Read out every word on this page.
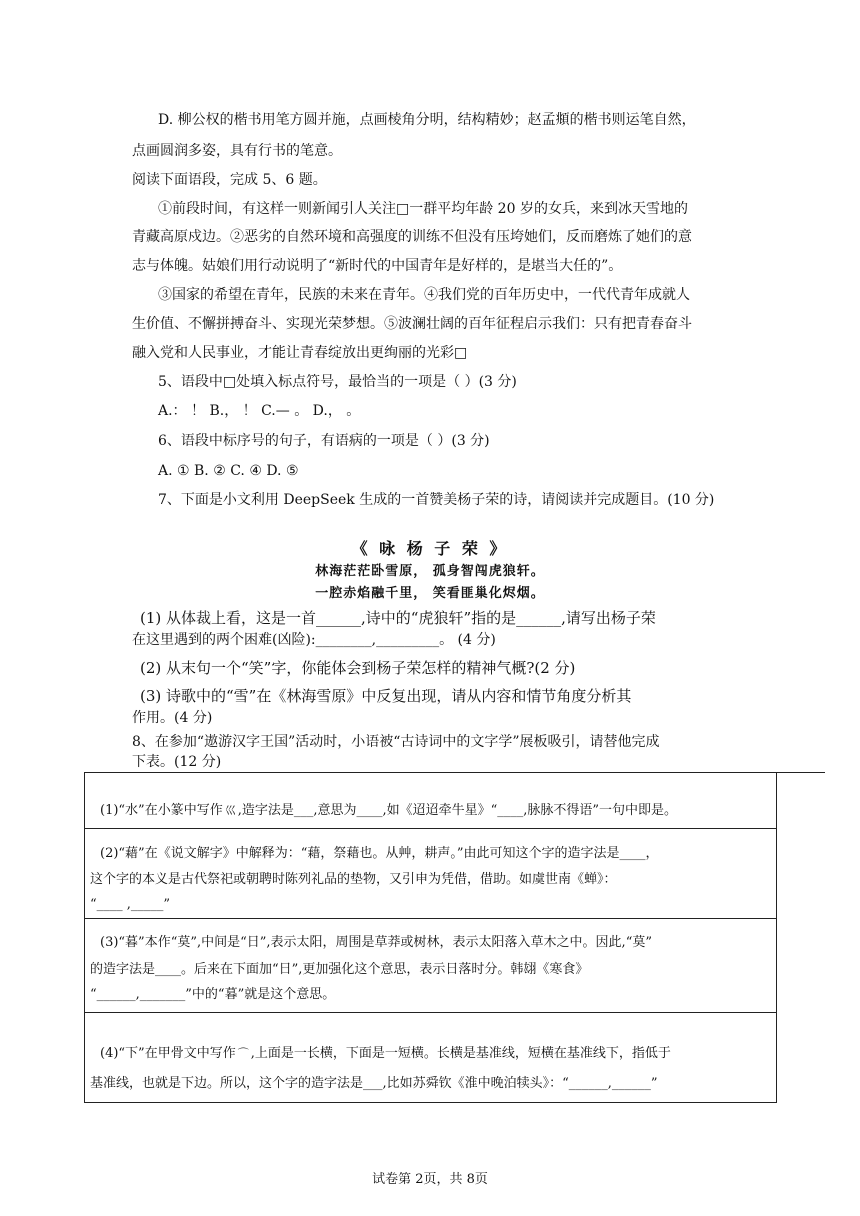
D. 柳公权的楷书用笔方圆并施，点画棱角分明，结构精妙；赵孟頫的楷书则运笔自然，
点画圆润多姿，具有行书的笔意。
阅读下面语段，完成 5、6 题。
①前段时间，有这样一则新闻引人关注□一群平均年龄 20 岁的女兵，来到冰天雪地的
青藏高原戍边。②恶劣的自然环境和高强度的训练不但没有压垮她们，反而磨炼了她们的意
志与体魄。姑娘们用行动说明了“新时代的中国青年是好样的，是堪当大任的”。
③国家的希望在青年，民族的未来在青年。④我们党的百年历史中，一代代青年成就人
生价值、不懈拼搏奋斗、实现光荣梦想。⑤波澜壮阔的百年征程启示我们：只有把青春奋斗
融入党和人民事业，才能让青春绽放出更绚丽的光彩□
5、语段中□处填入标点符号，最恰当的一项是（ ）(3 分)
A.： ！ B.， ！ C.— 。 D.， 。
6、语段中标序号的句子，有语病的一项是（ ）(3 分)
A. ① B. ② C. ④ D. ⑤
7、下面是小文利用 DeepSeek 生成的一首赞美杨子荣的诗，请阅读并完成题目。(10 分)
《 咏 杨 子 荣 》
林海茫茫卧雪原， 孤身智闯虎狼轩。
一腔赤焰融千里， 笑看匪巢化烬烟。
(1) 从体裁上看，这是一首______,诗中的“虎狼轩”指的是______,请写出杨子荣
在这里遇到的两个困难(凶险):________,_________。 (4 分)
(2) 从末句一个“笑”字，你能体会到杨子荣怎样的精神气概?(2 分)
(3) 诗歌中的“雪”在《林海雪原》中反复出现，请从内容和情节角度分析其
作用。(4 分)
8、在参加“遨游汉字王国”活动时，小语被“古诗词中的文字学”展板吸引，请替他完成
下表。(12 分)
(1)“水”在小篆中写作 巛 ,造字法是___,意思为____,如《迢迢牵牛星》“____,脉脉不得语”一句中即是。
(2)“藉”在《说文解字》中解释为：“藉，祭藉也。从艸，耕声。”由此可知这个字的造字法是____，
这个字的本义是古代祭祀或朝聘时陈列礼品的垫物，又引申为凭借，借助。如虞世南《蝉》：
“____ ,_____”
(3)“暮”本作“莫”,中间是“日”,表示太阳，周围是草莽或树林，表示太阳落入草木之中。因此,“莫”
的造字法是____。后来在下面加“日”,更加强化这个意思，表示日落时分。韩翃《寒食》
“______,_______”中的“暮”就是这个意思。
(4)“下”在甲骨文中写作 ⌒ ,上面是一长横，下面是一短横。长横是基准线，短横在基准线下，指低于
基准线，也就是下边。所以，这个字的造字法是___,比如苏舜钦《淮中晚泊犊头》：“______,______”
试卷第 2页，共 8页
